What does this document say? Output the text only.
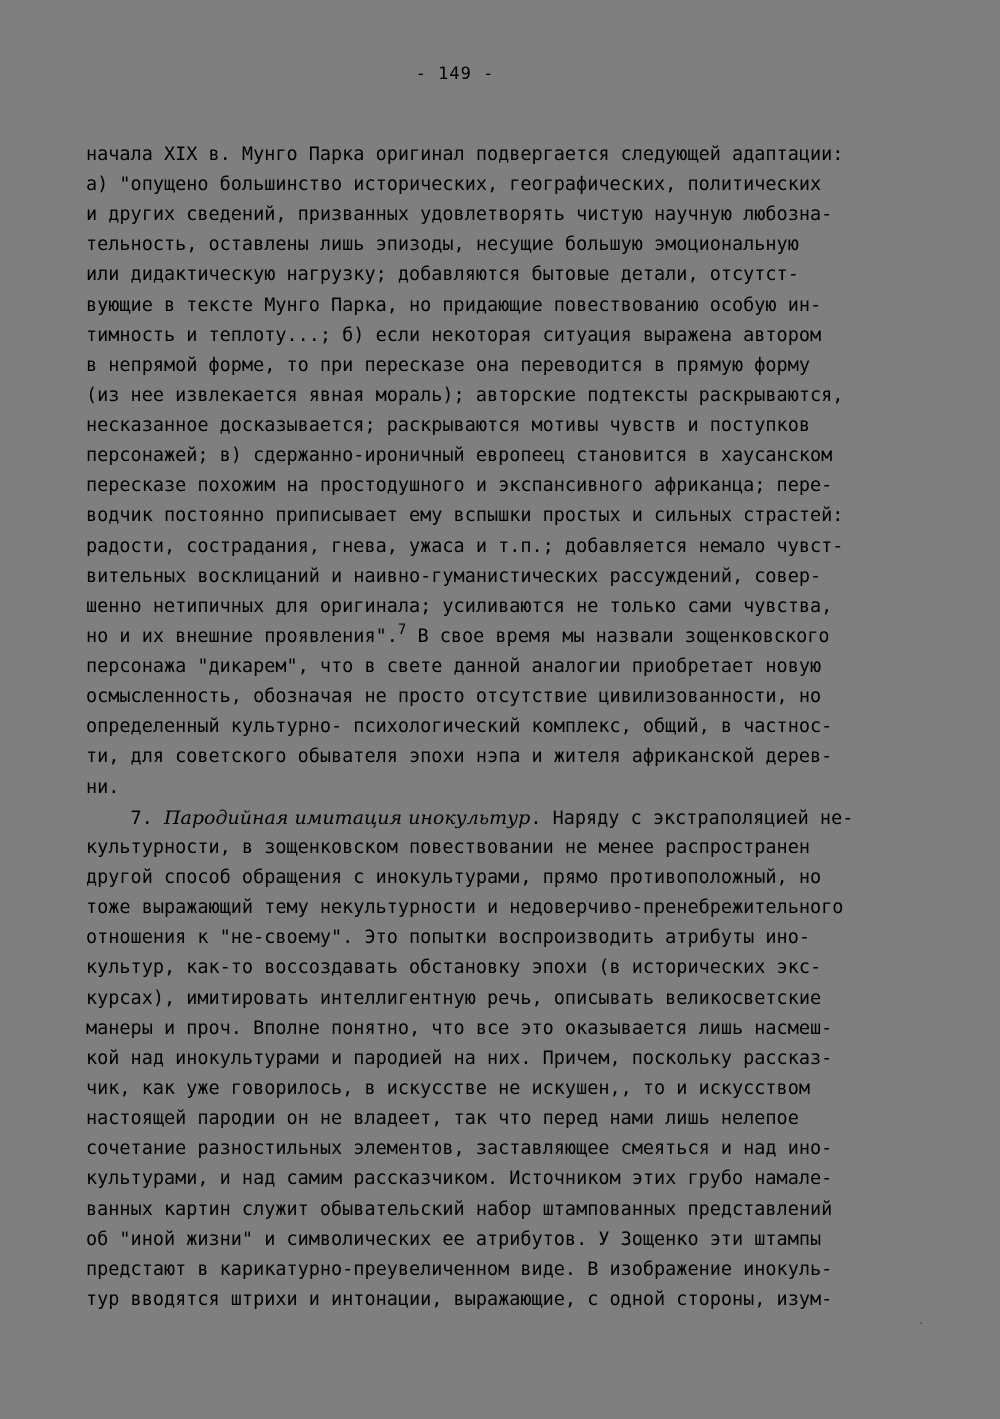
- 149 -
начала XIX в. Мунго Парка оригинал подвергается следующей адаптации:
а) "опущено большинство исторических, географических, политических
и других сведений, призванных удовлетворять чистую научную любозна-
тельность, оставлены лишь эпизоды, несущие большую эмоциональную
или дидактическую нагрузку; добавляются бытовые детали, отсутст-
вующие в тексте Мунго Парка, но придающие повествованию особую ин-
тимность и теплоту...; б) если некоторая ситуация выражена автором
в непрямой форме, то при пересказе она переводится в прямую форму
(из нее извлекается явная мораль); авторские подтексты раскрываются,
несказанное досказывается; раскрываются мотивы чувств и поступков
персонажей; в) сдержанно-ироничный европеец становится в хаусанском
пересказе похожим на простодушного и экспансивного африканца; пере-
водчик постоянно приписывает ему вспышки простых и сильных страстей:
радости, сострадания, гнева, ужаса и т.п.; добавляется немало чувст-
вительных восклицаний и наивно-гуманистических рассуждений, совер-
шенно нетипичных для оригинала; усиливаются не только сами чувства,
но и их внешние проявления".$^7$ В свое время мы назвали зощенковского
персонажа "дикарем", что в свете данной аналогии приобретает новую
осмысленность, обозначая не просто отсутствие цивилизованности, но
определенный культурно- психологический комплекс, общий, в частнос-
ти, для советского обывателя эпохи нэпа и жителя африканской дерев-
ни.
7. Пародийная имитация инокультур. Наряду с экстраполяцией не-
культурности, в зощенковском повествовании не менее распространен
другой способ обращения с инокультурами, прямо противоположный, но
тоже выражающий тему некультурности и недоверчиво-пренебрежительного
отношения к "не-своему". Это попытки воспроизводить атрибуты ино-
культур, как-то воссоздавать обстановку эпохи (в исторических экс-
курсах), имитировать интеллигентную речь, описывать великосветские
манеры и проч. Вполне понятно, что все это оказывается лишь насмеш-
кой над инокультурами и пародией на них. Причем, поскольку рассказ-
чик, как уже говорилось, в искусстве не искушен,, то и искусством
настоящей пародии он не владеет, так что перед нами лишь нелепое
сочетание разностильных элементов, заставляющее смеяться и над ино-
культурами, и над самим рассказчиком. Источником этих грубо намале-
ванных картин служит обывательский набор штампованных представлений
об "иной жизни" и символических ее атрибутов. У Зощенко эти штампы
предстают в карикатурно-преувеличенном виде. В изображение инокуль-
тур вводятся штрихи и интонации, выражающие, с одной стороны, изум-
